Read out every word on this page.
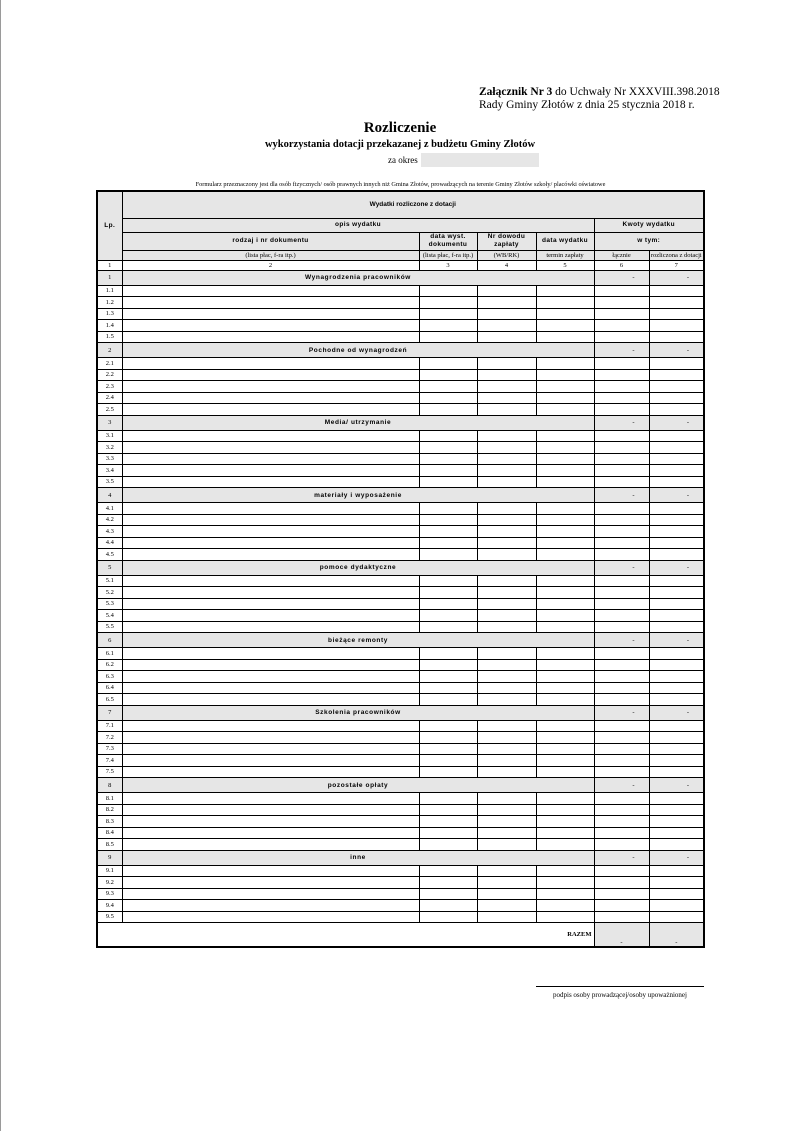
Załącznik Nr 3 do Uchwały Nr XXXVIII.398.2018
Rady Gminy Złotów z dnia 25 stycznia 2018 r.
Rozliczenie
wykorzystania dotacji przekazanej z budżetu Gminy Złotów
za okres
Formularz przeznaczony jest dla osób fizycznych/ osób prawnych innych niż Gmina Złotów, prowadzących na terenie Gminy Złotów szkoły/ placówki oświatowe
Lp.	Wydatki rozliczone z dotacji					
	opis wydatku				Kwoty wydatku	
	rodzaj i nr dokumentu	data wyst. dokumentu	Nr dowodu zapłaty	data wydatku	w tym:	
	(lista płac, f-ra itp.)	(lista płac, f-ra itp.)	(WB/RK)	termin zapłaty	łącznie	rozliczona z dotacji
1	2	3	4	5	6	7
1	Wynagrodzenia pracowników				-	-
1.1						
1.2						
1.3						
1.4						
1.5						
2	Pochodne od wynagrodzeń				-	-
2.1						
2.2						
2.3						
2.4						
2.5						
3	Media/ utrzymanie				-	-
3.1						
3.2						
3.3						
3.4						
3.5						
4	materiały i wyposażenie				-	-
4.1						
4.2						
4.3						
4.4						
4.5						
5	pomoce dydaktyczne				-	-
5.1						
5.2						
5.3						
5.4						
5.5						
6	bieżące remonty				-	-
6.1						
6.2						
6.3						
6.4						
6.5						
7	Szkolenia pracowników				-	-
7.1						
7.2						
7.3						
7.4						
7.5						
8	pozostałe opłaty				-	-
8.1						
8.2						
8.3						
8.4						
8.5						
9	inne				-	-
9.1						
9.2						
9.3						
9.4						
9.5						
RAZEM					-	-
podpis osoby prowadzącej/osoby upoważnionej
